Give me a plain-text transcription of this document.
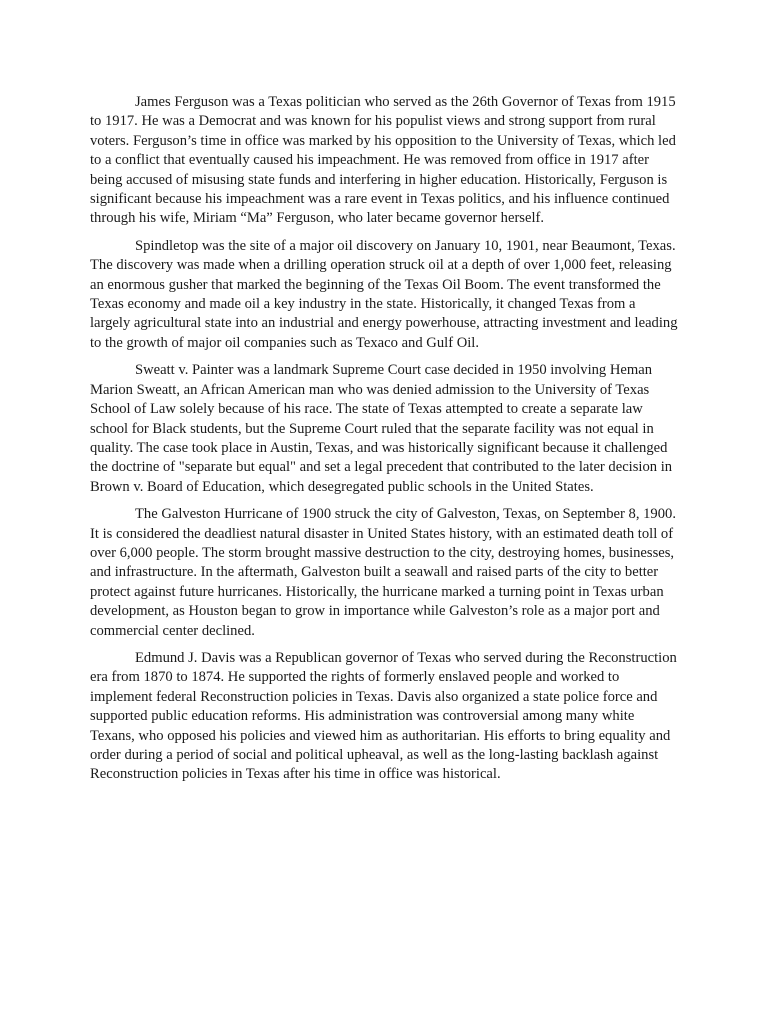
James Ferguson was a Texas politician who served as the 26th Governor of Texas from 1915 to 1917. He was a Democrat and was known for his populist views and strong support from rural voters. Ferguson’s time in office was marked by his opposition to the University of Texas, which led to a conflict that eventually caused his impeachment. He was removed from office in 1917 after being accused of misusing state funds and interfering in higher education. Historically, Ferguson is significant because his impeachment was a rare event in Texas politics, and his influence continued through his wife, Miriam “Ma” Ferguson, who later became governor herself.

Spindletop was the site of a major oil discovery on January 10, 1901, near Beaumont, Texas. The discovery was made when a drilling operation struck oil at a depth of over 1,000 feet, releasing an enormous gusher that marked the beginning of the Texas Oil Boom. The event transformed the Texas economy and made oil a key industry in the state. Historically, it changed Texas from a largely agricultural state into an industrial and energy powerhouse, attracting investment and leading to the growth of major oil companies such as Texaco and Gulf Oil.

Sweatt v. Painter was a landmark Supreme Court case decided in 1950 involving Heman Marion Sweatt, an African American man who was denied admission to the University of Texas School of Law solely because of his race. The state of Texas attempted to create a separate law school for Black students, but the Supreme Court ruled that the separate facility was not equal in quality. The case took place in Austin, Texas, and was historically significant because it challenged the doctrine of "separate but equal" and set a legal precedent that contributed to the later decision in Brown v. Board of Education, which desegregated public schools in the United States.

The Galveston Hurricane of 1900 struck the city of Galveston, Texas, on September 8, 1900. It is considered the deadliest natural disaster in United States history, with an estimated death toll of over 6,000 people. The storm brought massive destruction to the city, destroying homes, businesses, and infrastructure. In the aftermath, Galveston built a seawall and raised parts of the city to better protect against future hurricanes. Historically, the hurricane marked a turning point in Texas urban development, as Houston began to grow in importance while Galveston’s role as a major port and commercial center declined.

Edmund J. Davis was a Republican governor of Texas who served during the Reconstruction era from 1870 to 1874. He supported the rights of formerly enslaved people and worked to implement federal Reconstruction policies in Texas. Davis also organized a state police force and supported public education reforms. His administration was controversial among many white Texans, who opposed his policies and viewed him as authoritarian. His efforts to bring equality and order during a period of social and political upheaval, as well as the long-lasting backlash against Reconstruction policies in Texas after his time in office was historical.
